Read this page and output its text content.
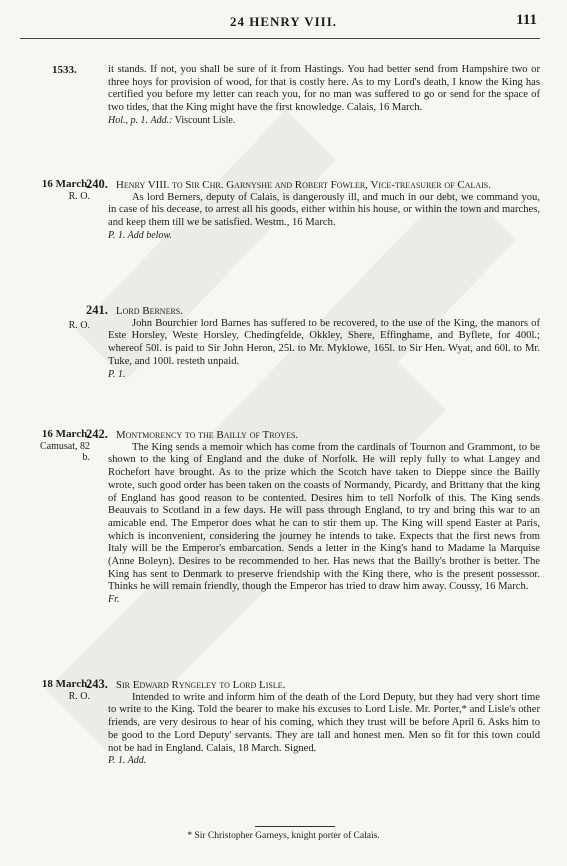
24 HENRY VIII.	111
1533.	it stands. If not, you shall be sure of it from Hastings. You had better send from Hampshire two or three hoys for provision of wood, for that is costly here. As to my Lord's death, I know the King has certified you before my letter can reach you, for no man was suffered to go or send for the space of two tides, that the King might have the first knowledge. Calais, 16 March.

Hol., p. 1. Add.: Viscount Lisle.

16 March.
R. O.

240. Henry VIII. to Sir Chr. Garnyshe and Robert Fowler, Vice-treasurer of Calais.

As lord Berners, deputy of Calais, is dangerously ill, and much in our debt, we command you, in case of his decease, to arrest all his goods, either within his house, or within the town and marches, and keep them till we be satisfied. Westm., 16 March.

P. 1. Add below.

R. O.

241. Lord Berners.

John Bourchier lord Barnes has suffered to be recovered, to the use of the King, the manors of Este Horsley, Weste Horsley, Chedingfelde, Okkley, Shere, Effinghame, and Byflete, for 400l.; whereof 50l. is paid to Sir John Heron, 25l. to Mr. Myklowe, 165l. to Sir Hen. Wyat, and 60l. to Mr. Tuke, and 100l. resteth unpaid.

P. 1.

16 March.
Camusat, 82 b.

242. Montmorency to the Bailly of Troyes.

The King sends a memoir which has come from the cardinals of Tournon and Grammont, to be shown to the king of England and the duke of Norfolk. He will reply fully to what Langey and Rochefort have brought. As to the prize which the Scotch have taken to Dieppe since the Bailly wrote, such good order has been taken on the coasts of Normandy, Picardy, and Brittany that the king of England has good reason to be contented. Desires him to tell Norfolk of this. The King sends Beauvais to Scotland in a few days. He will pass through England, to try and bring this war to an amicable end. The Emperor does what he can to stir them up. The King will spend Easter at Paris, which is inconvenient, considering the journey he intends to take. Expects that the first news from Italy will be the Emperor's embarcation. Sends a letter in the King's hand to Madame la Marquise (Anne Boleyn). Desires to be recommended to her. Has news that the Bailly's brother is better. The King has sent to Denmark to preserve friendship with the King there, who is the present possessor. Thinks he will remain friendly, though the Emperor has tried to draw him away. Coussy, 16 March.

Fr.

18 March.
R. O.

243. Sir Edward Ryngeley to Lord Lisle.

Intended to write and inform him of the death of the Lord Deputy, but they had very short time to write to the King. Told the bearer to make his excuses to Lord Lisle. Mr. Porter,* and Lisle's other friends, are very desirous to hear of his coming, which they trust will be before April 6. Asks him to be good to the Lord Deputy' servants. They are tall and honest men. Men so fit for this town could not be had in England. Calais, 18 March. Signed.

P. 1. Add.

* Sir Christopher Garneys, knight porter of Calais.
